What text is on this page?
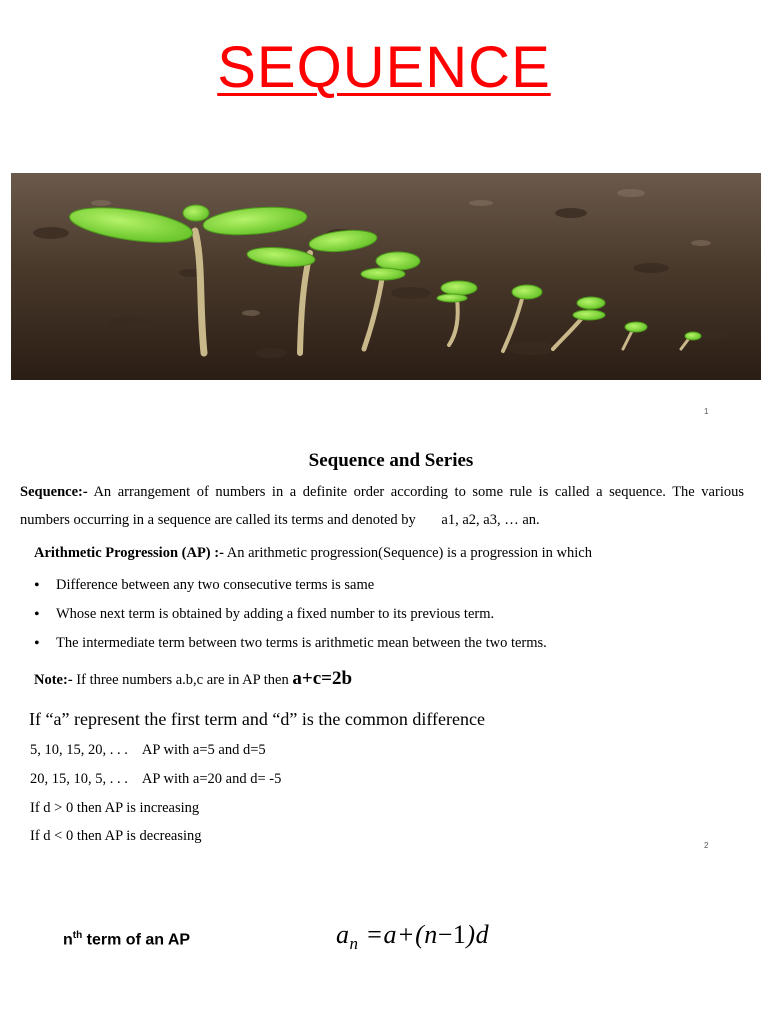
SEQUENCE
1
Sequence and Series
Sequence:- An arrangement of numbers in a definite order according to some rule is called a sequence. The various numbers occurring in a sequence are called its terms and denoted by a1, a2, a3, … an.
Arithmetic Progression (AP) :- An arithmetic progression(Sequence) is a progression in which
• Difference between any two consecutive terms is same
• Whose next term is obtained by adding a fixed number to its previous term.
• The intermediate term between two terms is arithmetic mean between the two terms.
Note:- If three numbers a.b,c are in AP then a+c=2b
If “a” represent the first term and “d” is the common difference
5, 10, 15, 20, . . . AP with a=5 and d=5
20, 15, 10, 5, . . . AP with a=20 and d= -5
If d > 0 then AP is increasing
If d < 0 then AP is decreasing
2
$n^{th}$ term of an AP	$a_n =a+(n-1)d$
